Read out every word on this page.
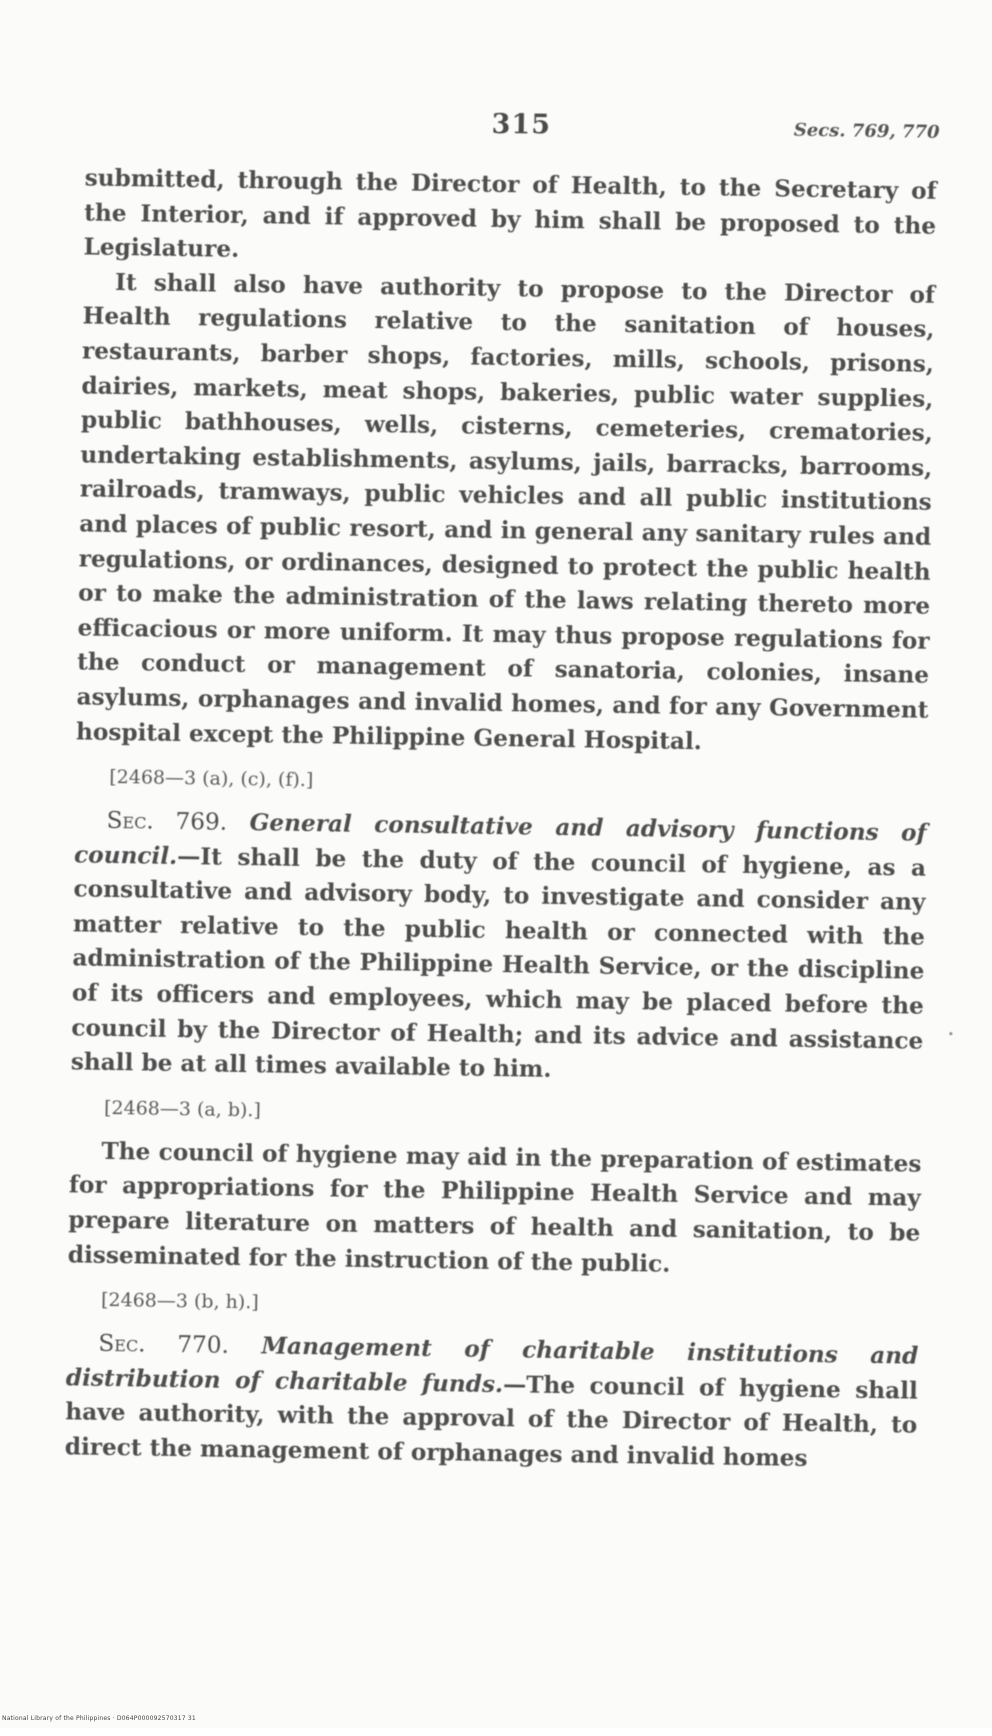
315	Secs. 769, 770

submitted, through the Director of Health, to the Secretary of the Interior, and if approved by him shall be proposed to the Legislature.

It shall also have authority to propose to the Director of Health regulations relative to the sanitation of houses, restaurants, barber shops, factories, mills, schools, prisons, dairies, markets, meat shops, bakeries, public water supplies, public bathhouses, wells, cisterns, cemeteries, crematories, undertaking establishments, asylums, jails, barracks, barrooms, railroads, tramways, public vehicles and all public institutions and places of public resort, and in general any sanitary rules and regulations, or ordinances, designed to protect the public health or to make the administration of the laws relating thereto more efficacious or more uniform. It may thus propose regulations for the conduct or management of sanatoria, colonies, insane asylums, orphanages and invalid homes, and for any Government hospital except the Philippine General Hospital.

[2468—3 (a), (c), (f).]

Sec. 769. General consultative and advisory functions of council.—It shall be the duty of the council of hygiene, as a consultative and advisory body, to investigate and consider any matter relative to the public health or connected with the administration of the Philippine Health Service, or the discipline of its officers and employees, which may be placed before the council by the Director of Health; and its advice and assistance shall be at all times available to him.

[2468—3 (a, b).]

The council of hygiene may aid in the preparation of estimates for appropriations for the Philippine Health Service and may prepare literature on matters of health and sanitation, to be disseminated for the instruction of the public.

[2468—3 (b, h).]

Sec. 770. Management of charitable institutions and distribution of charitable funds.—The council of hygiene shall have authority, with the approval of the Director of Health, to direct the management of orphanages and invalid homes

National Library of the Philippines · D064P000092570317 31
